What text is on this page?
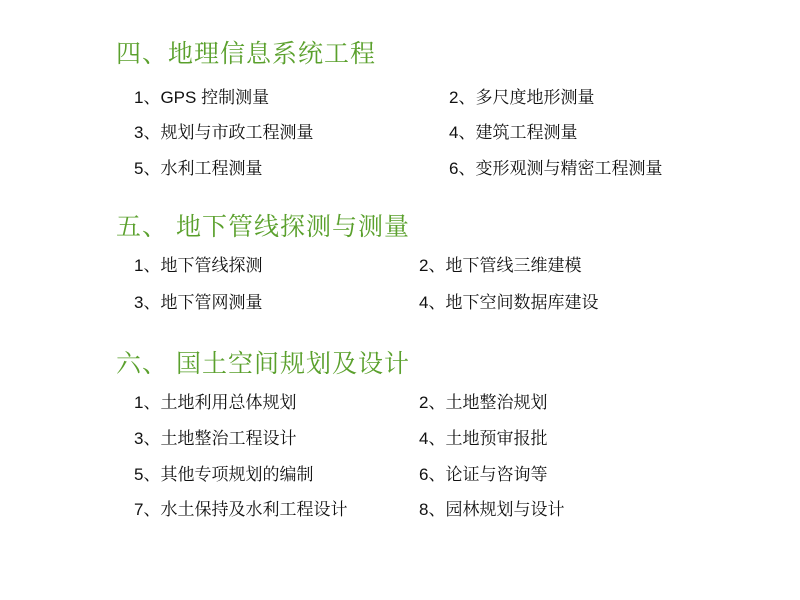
四、地理信息系统工程
1、GPS 控制测量	2、多尺度地形测量
3、规划与市政工程测量	4、建筑工程测量
5、水利工程测量	6、变形观测与精密工程测量
五、 地下管线探测与测量
1、地下管线探测	2、地下管线三维建模
3、地下管网测量	4、地下空间数据库建设
六、 国土空间规划及设计
1、土地利用总体规划	2、土地整治规划
3、土地整治工程设计	4、土地预审报批
5、其他专项规划的编制	6、论证与咨询等
7、水土保持及水利工程设计	8、园林规划与设计
